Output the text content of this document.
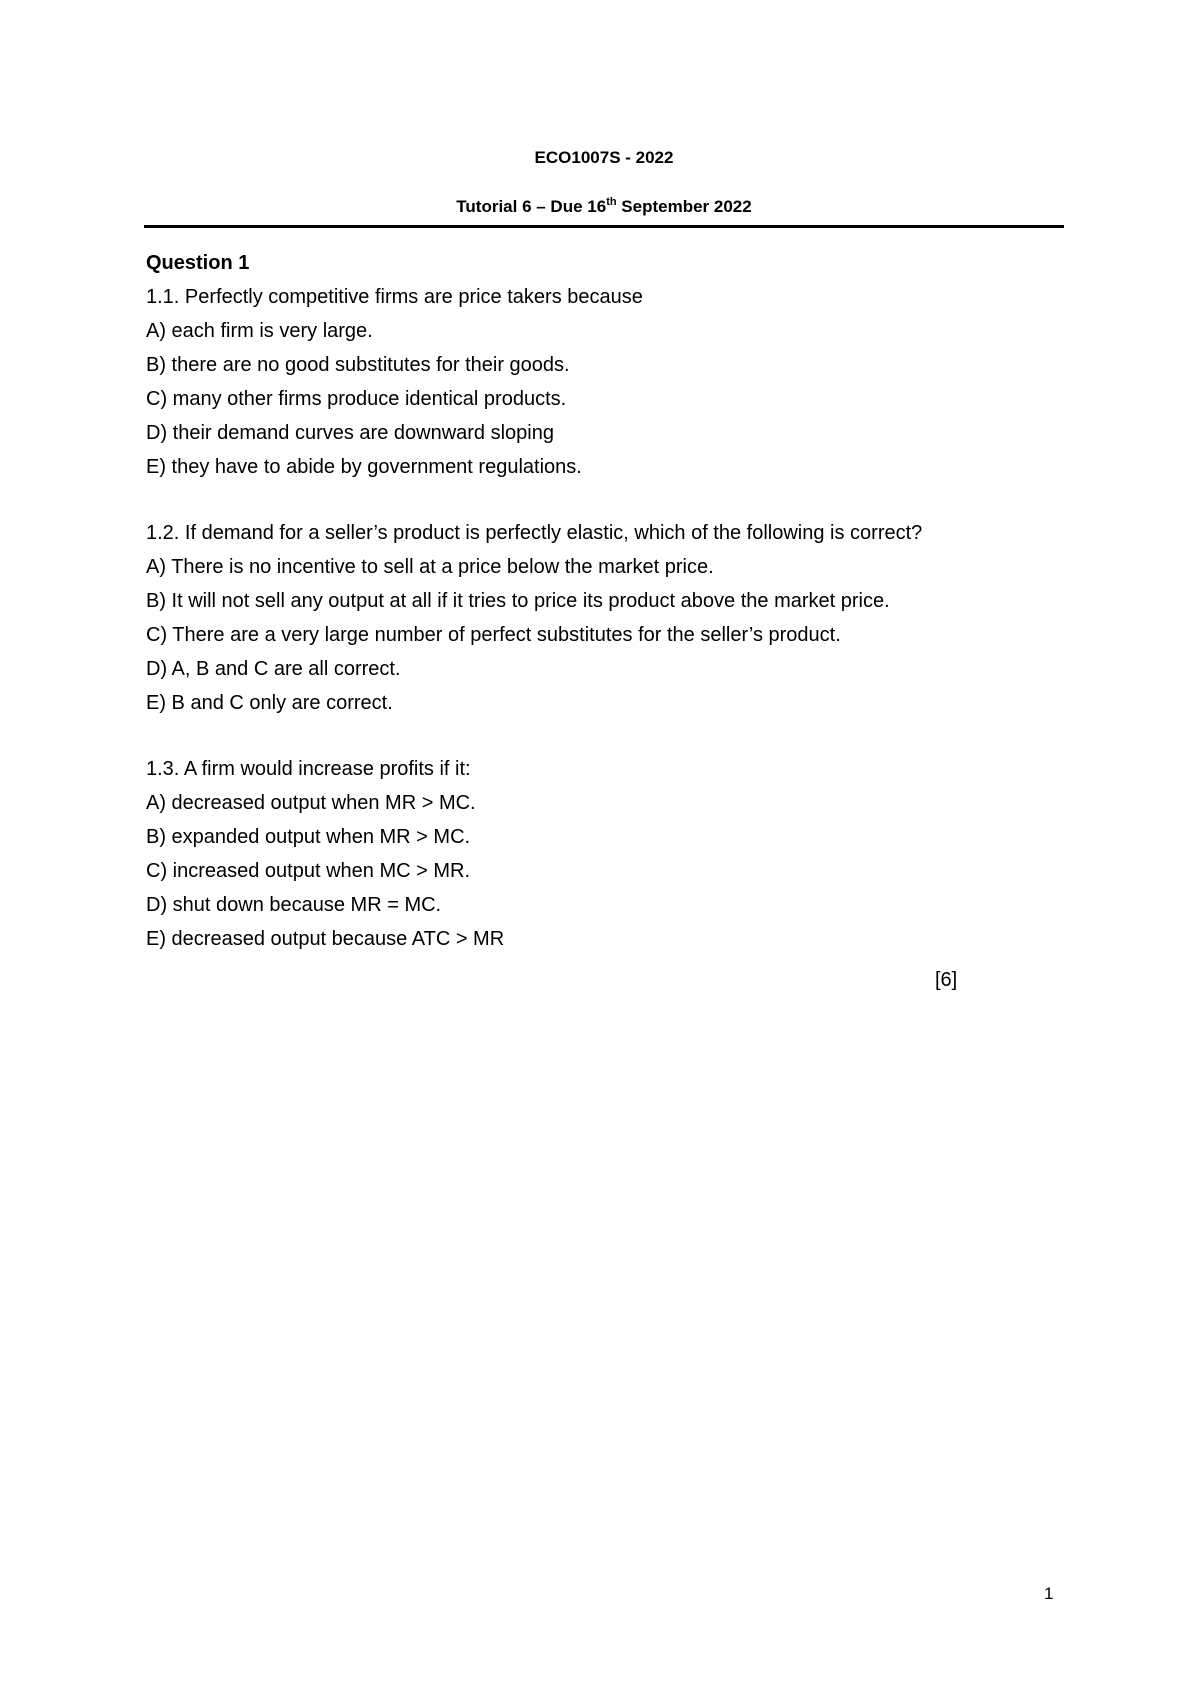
ECO1007S - 2022
Tutorial 6 – Due 16th September 2022
Question 1
1.1. Perfectly competitive firms are price takers because
A) each firm is very large.
B) there are no good substitutes for their goods.
C) many other firms produce identical products.
D) their demand curves are downward sloping
E) they have to abide by government regulations.
1.2. If demand for a seller’s product is perfectly elastic, which of the following is correct?
A) There is no incentive to sell at a price below the market price.
B) It will not sell any output at all if it tries to price its product above the market price.
C) There are a very large number of perfect substitutes for the seller’s product.
D) A, B and C are all correct.
E) B and C only are correct.
1.3. A firm would increase profits if it:
A) decreased output when MR > MC.
B) expanded output when MR > MC.
C) increased output when MC > MR.
D) shut down because MR = MC.
E) decreased output because ATC > MR
[6]
1
